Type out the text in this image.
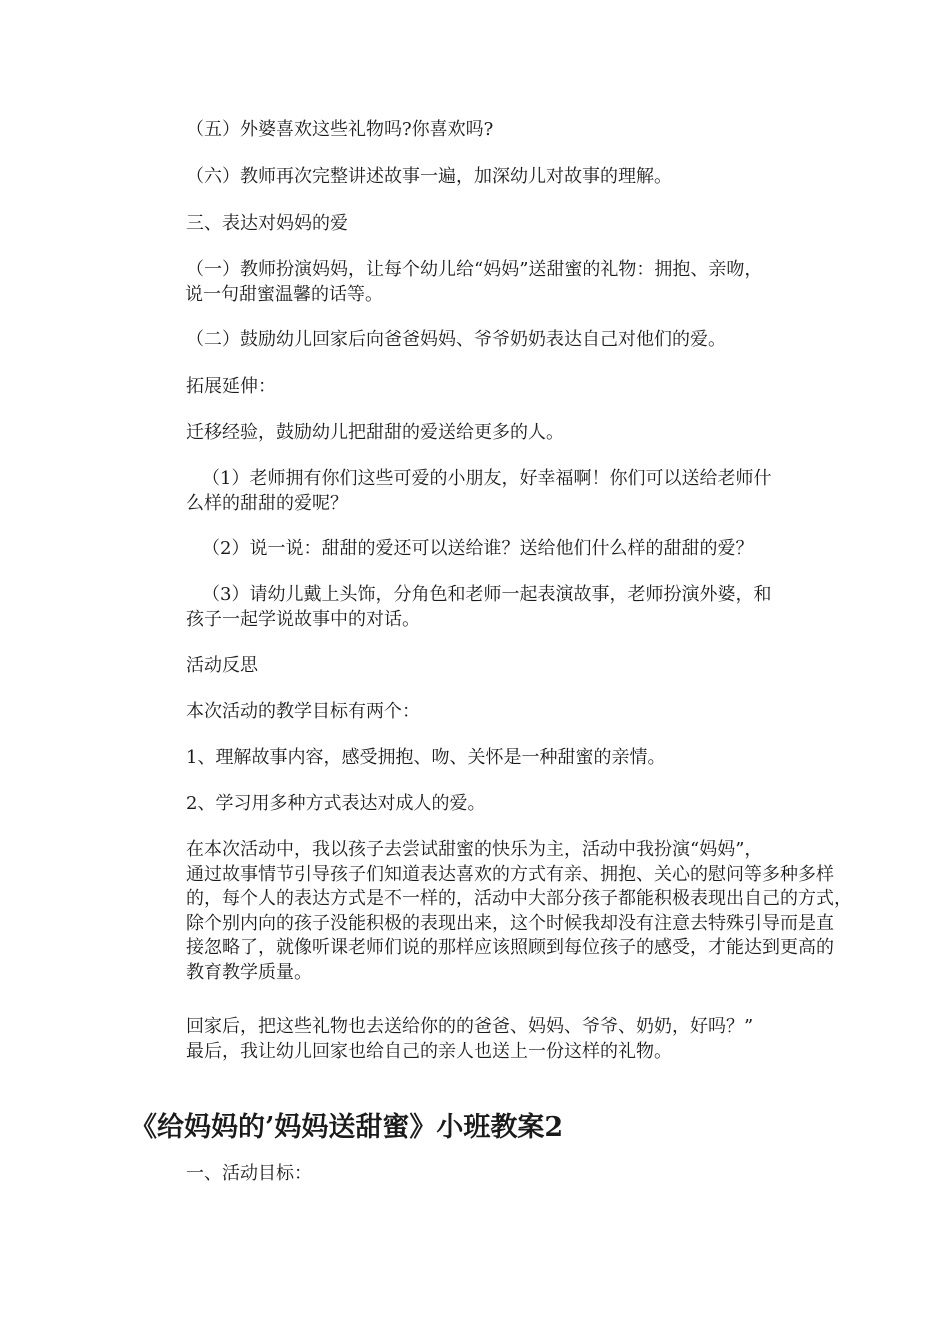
（五）外婆喜欢这些礼物吗?你喜欢吗?

（六）教师再次完整讲述故事一遍，加深幼儿对故事的理解。

三、表达对妈妈的爱

（一）教师扮演妈妈，让每个幼儿给“妈妈”送甜蜜的礼物：拥抱、亲吻，
说一句甜蜜温馨的话等。

（二）鼓励幼儿回家后向爸爸妈妈、爷爷奶奶表达自己对他们的爱。

拓展延伸：

迁移经验，鼓励幼儿把甜甜的爱送给更多的人。

（1）老师拥有你们这些可爱的小朋友，好幸福啊！你们可以送给老师什
么样的甜甜的爱呢？

（2）说一说：甜甜的爱还可以送给谁？送给他们什么样的甜甜的爱？

（3）请幼儿戴上头饰，分角色和老师一起表演故事，老师扮演外婆，和
孩子一起学说故事中的对话。

活动反思

本次活动的教学目标有两个：

1、理解故事内容，感受拥抱、吻、关怀是一种甜蜜的亲情。

2、学习用多种方式表达对成人的爱。

在本次活动中，我以孩子去尝试甜蜜的快乐为主，活动中我扮演“妈妈”，
通过故事情节引导孩子们知道表达喜欢的方式有亲、拥抱、关心的慰问等多种多样
的，每个人的表达方式是不一样的，活动中大部分孩子都能积极表现出自己的方式，
除个别内向的孩子没能积极的表现出来，这个时候我却没有注意去特殊引导而是直
接忽略了，就像听课老师们说的那样应该照顾到每位孩子的感受，才能达到更高的
教育教学质量。
回家后，把这些礼物也去送给你的的爸爸、妈妈、爷爷、奶奶，好吗？”
最后，我让幼儿回家也给自己的亲人也送上一份这样的礼物。
《给妈妈的’妈妈送甜蜜》小班教案2

一、活动目标：
